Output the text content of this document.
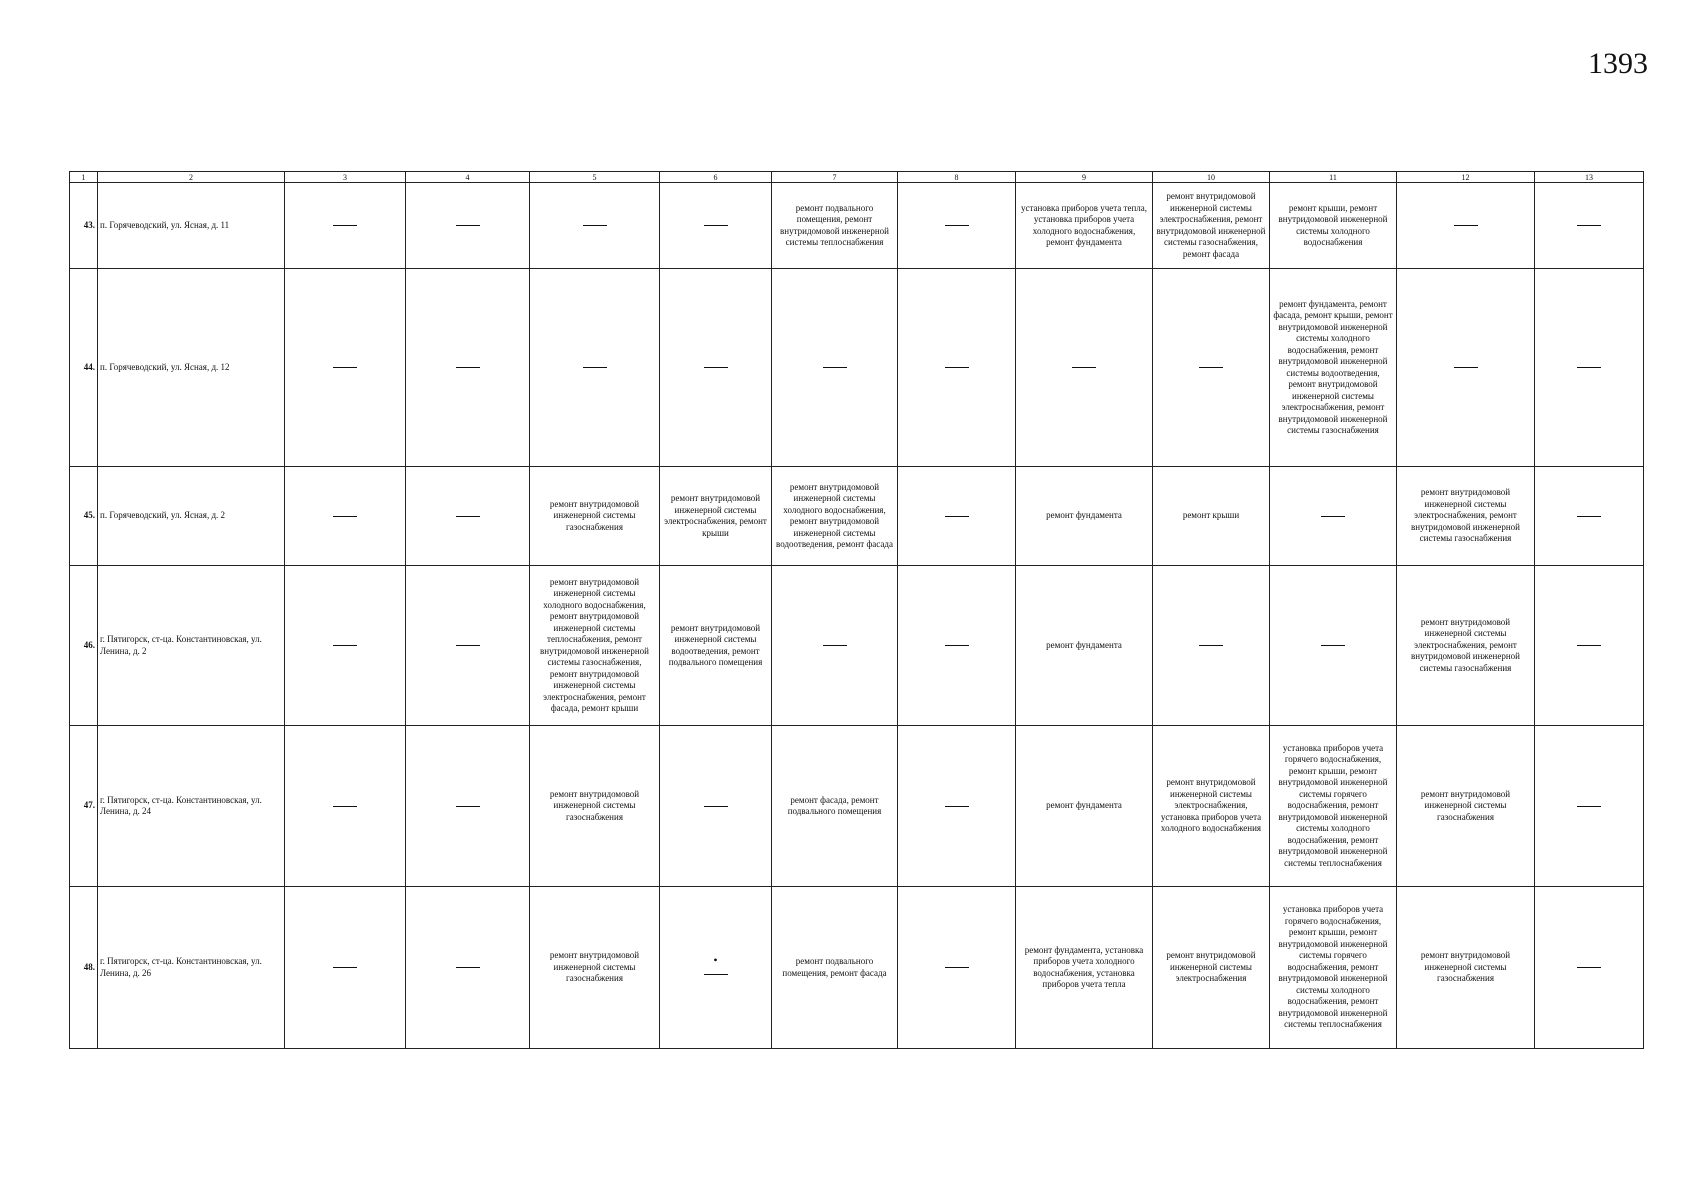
1393
1	2	3	4	5	6	7	8	9	10	11	12	13
43.	п. Горячеводский, ул. Ясная, д. 11					ремонт подвального помещения, ремонт внутридомовой инженерной системы теплоснабжения		установка приборов учета тепла, установка приборов учета холодного водоснабжения, ремонт фундамента	ремонт внутридомовой инженерной системы электроснабжения, ремонт внутридомовой инженерной системы газоснабжения, ремонт фасада	ремонт крыши, ремонт внутридомовой инженерной системы холодного водоснабжения		
44.	п. Горячеводский, ул. Ясная, д. 12									ремонт фундамента, ремонт фасада, ремонт крыши, ремонт внутридомовой инженерной системы холодного водоснабжения, ремонт внутридомовой инженерной системы водоотведения, ремонт внутридомовой инженерной системы электроснабжения, ремонт внутридомовой инженерной системы газоснабжения		
45.	п. Горячеводский, ул. Ясная, д. 2			ремонт внутридомовой инженерной системы газоснабжения	ремонт внутридомовой инженерной системы электроснабжения, ремонт крыши	ремонт внутридомовой инженерной системы холодного водоснабжения, ремонт внутридомовой инженерной системы водоотведения, ремонт фасада		ремонт фундамента	ремонт крыши		ремонт внутридомовой инженерной системы электроснабжения, ремонт внутридомовой инженерной системы газоснабжения	
46.	г. Пятигорск, ст-ца. Константиновская, ул. Ленина, д. 2			ремонт внутридомовой инженерной системы холодного водоснабжения, ремонт внутридомовой инженерной системы теплоснабжения, ремонт внутридомовой инженерной системы газоснабжения, ремонт внутридомовой инженерной системы электроснабжения, ремонт фасада, ремонт крыши	ремонт внутридомовой инженерной системы водоотведения, ремонт подвального помещения			ремонт фундамента			ремонт внутридомовой инженерной системы электроснабжения, ремонт внутридомовой инженерной системы газоснабжения	
47.	г. Пятигорск, ст-ца. Константиновская, ул. Ленина, д. 24			ремонт внутридомовой инженерной системы газоснабжения		ремонт фасада, ремонт подвального помещения		ремонт фундамента	ремонт внутридомовой инженерной системы электроснабжения, установка приборов учета холодного водоснабжения	установка приборов учета горячего водоснабжения, ремонт крыши, ремонт внутридомовой инженерной системы горячего водоснабжения, ремонт внутридомовой инженерной системы холодного водоснабжения, ремонт внутридомовой инженерной системы теплоснабжения	ремонт внутридомовой инженерной системы газоснабжения	
48.	г. Пятигорск, ст-ца. Константиновская, ул. Ленина, д. 26			ремонт внутридомовой инженерной системы газоснабжения	•	ремонт подвального помещения, ремонт фасада		ремонт фундамента, установка приборов учета холодного водоснабжения, установка приборов учета тепла	ремонт внутридомовой инженерной системы электроснабжения	установка приборов учета горячего водоснабжения, ремонт крыши, ремонт внутридомовой инженерной системы горячего водоснабжения, ремонт внутридомовой инженерной системы холодного водоснабжения, ремонт внутридомовой инженерной системы теплоснабжения	ремонт внутридомовой инженерной системы газоснабжения	
